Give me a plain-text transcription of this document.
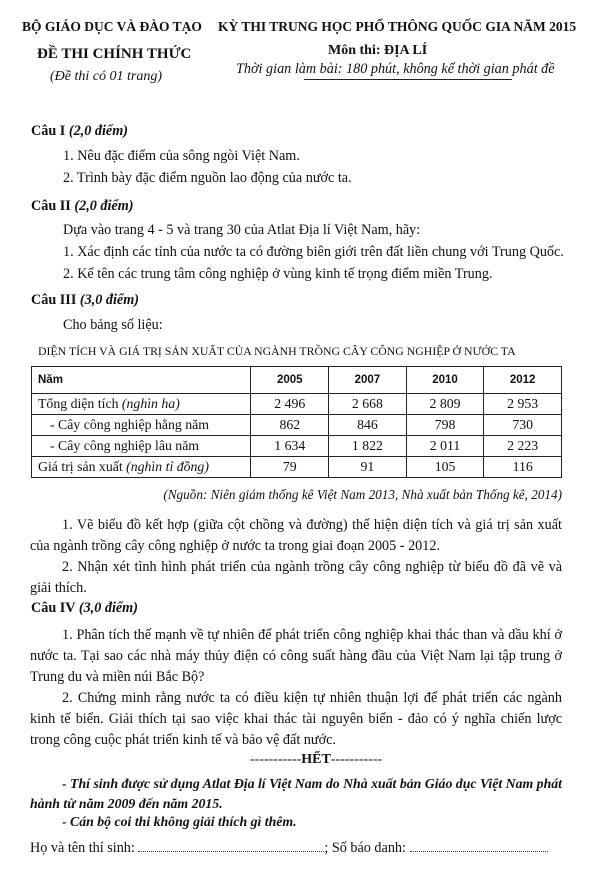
BỘ GIÁO DỤC VÀ ĐÀO TẠO KỲ THI TRUNG HỌC PHỔ THÔNG QUỐC GIA NĂM 2015
ĐỀ THI CHÍNH THỨC
(Đề thi có 01 trang)
Môn thi: ĐỊA LÍ
Thời gian làm bài: 180 phút, không kể thời gian phát đề
Câu I (2,0 điểm)
1. Nêu đặc điểm của sông ngòi Việt Nam.
2. Trình bày đặc điểm nguồn lao động của nước ta.
Câu II (2,0 điểm)
Dựa vào trang 4 - 5 và trang 30 của Atlat Địa lí Việt Nam, hãy:
1. Xác định các tỉnh của nước ta có đường biên giới trên đất liền chung với Trung Quốc.
2. Kể tên các trung tâm công nghiệp ở vùng kinh tế trọng điểm miền Trung.
Câu III (3,0 điểm)
Cho bảng số liệu:
DIỆN TÍCH VÀ GIÁ TRỊ SẢN XUẤT CỦA NGÀNH TRỒNG CÂY CÔNG NGHIỆP Ở NƯỚC TA
Năm	2005	2007	2010	2012
Tổng diện tích (nghìn ha)	2 496	2 668	2 809	2 953
- Cây công nghiệp hằng năm	862	846	798	730
- Cây công nghiệp lâu năm	1 634	1 822	2 011	2 223
Giá trị sản xuất (nghìn tỉ đồng)	79	91	105	116
(Nguồn: Niên giám thống kê Việt Nam 2013, Nhà xuất bản Thống kê, 2014)
1. Vẽ biểu đồ kết hợp (giữa cột chồng và đường) thể hiện diện tích và giá trị sản xuất của ngành trồng cây công nghiệp ở nước ta trong giai đoạn 2005 - 2012.
2. Nhận xét tình hình phát triển của ngành trồng cây công nghiệp từ biểu đồ đã vẽ và giải thích.
Câu IV (3,0 điểm)
1. Phân tích thế mạnh về tự nhiên để phát triển công nghiệp khai thác than và dầu khí ở nước ta. Tại sao các nhà máy thủy điện có công suất hàng đầu của Việt Nam lại tập trung ở Trung du và miền núi Bắc Bộ?
2. Chứng minh rằng nước ta có điều kiện tự nhiên thuận lợi để phát triển các ngành kinh tế biển. Giải thích tại sao việc khai thác tài nguyên biển - đảo có ý nghĩa chiến lược trong công cuộc phát triển kinh tế và bảo vệ đất nước.
-----------HẾT-----------
- Thí sinh được sử dụng Atlat Địa lí Việt Nam do Nhà xuất bản Giáo dục Việt Nam phát hành từ năm 2009 đến năm 2015.
- Cán bộ coi thi không giải thích gì thêm.
Họ và tên thí sinh:	; Số báo danh:
